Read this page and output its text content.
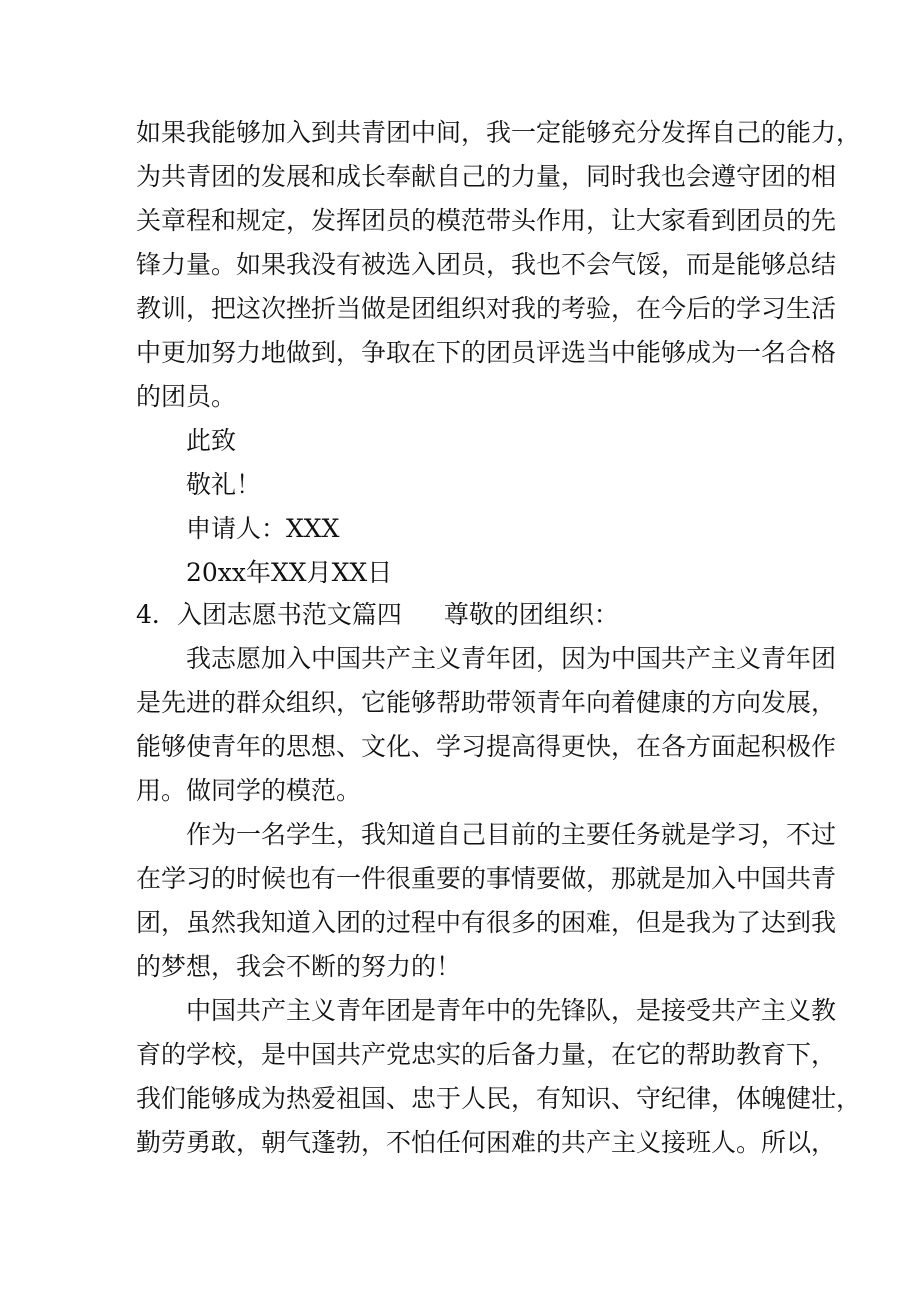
如果我能够加入到共青团中间，我一定能够充分发挥自己的能力，
为共青团的发展和成长奉献自己的力量，同时我也会遵守团的相
关章程和规定，发挥团员的模范带头作用，让大家看到团员的先
锋力量。如果我没有被选入团员，我也不会气馁，而是能够总结
教训，把这次挫折当做是团组织对我的考验，在今后的学习生活
中更加努力地做到，争取在下的团员评选当中能够成为一名合格
的团员。
此致
敬礼！
申请人：XXX
20xx年XX月XX日
4．入团志愿书范文篇四 尊敬的团组织：
我志愿加入中国共产主义青年团，因为中国共产主义青年团
是先进的群众组织，它能够帮助带领青年向着健康的方向发展，
能够使青年的思想、文化、学习提高得更快，在各方面起积极作
用。做同学的模范。
作为一名学生，我知道自己目前的主要任务就是学习，不过
在学习的时候也有一件很重要的事情要做，那就是加入中国共青
团，虽然我知道入团的过程中有很多的困难，但是我为了达到我
的梦想，我会不断的努力的！
中国共产主义青年团是青年中的先锋队，是接受共产主义教
育的学校，是中国共产党忠实的后备力量，在它的帮助教育下，
我们能够成为热爱祖国、忠于人民，有知识、守纪律，体魄健壮，
勤劳勇敢，朝气蓬勃，不怕任何困难的共产主义接班人。所以，
